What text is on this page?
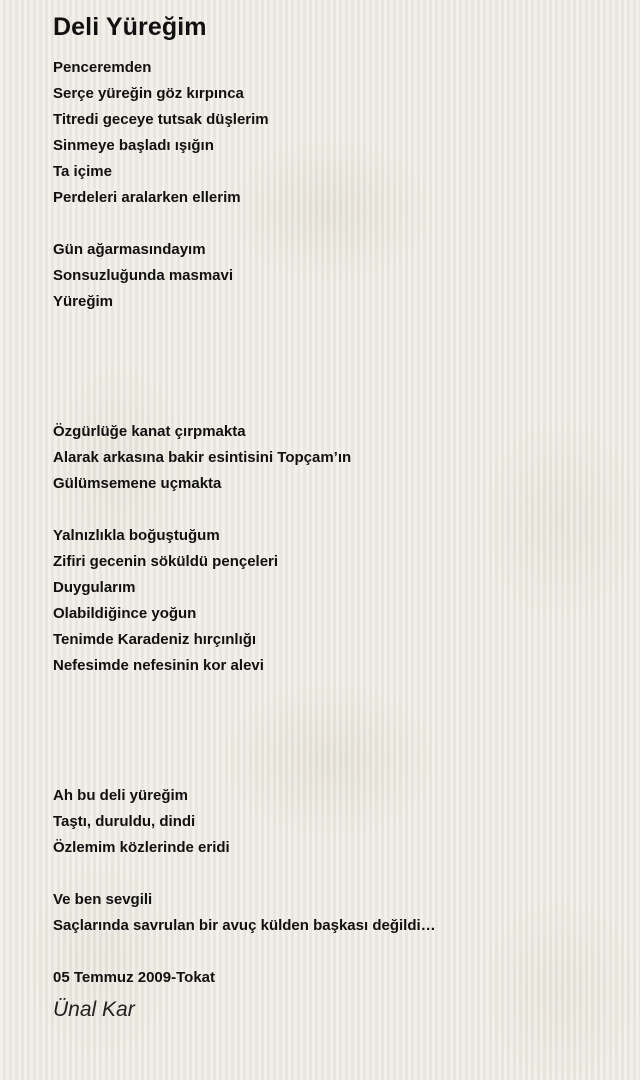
Deli Yüreğim
Penceremden
Serçe yüreğin göz kırpınca
Titredi geceye tutsak düşlerim
Sinmeye başladı ışığın
Ta içime
Perdeleri aralarken ellerim
Gün ağarmasındayım
Sonsuzluğunda masmavi
Yüreğim
Özgürlüğe kanat çırpmakta
Alarak arkasına bakir esintisini Topçam’ın
Gülümsemene uçmakta
Yalnızlıkla boğuştuğum
Zifiri gecenin söküldü pençeleri
Duygularım
Olabildiğince yoğun
Tenimde Karadeniz hırçınlığı
Nefesimde nefesinin kor alevi
Ah bu deli yüreğim
Taştı, duruldu, dindi
Özlemim közlerinde eridi
Ve ben sevgili
Saçlarında savrulan bir avuç külden başkası değildi…
05 Temmuz 2009-Tokat
Ünal Kar
